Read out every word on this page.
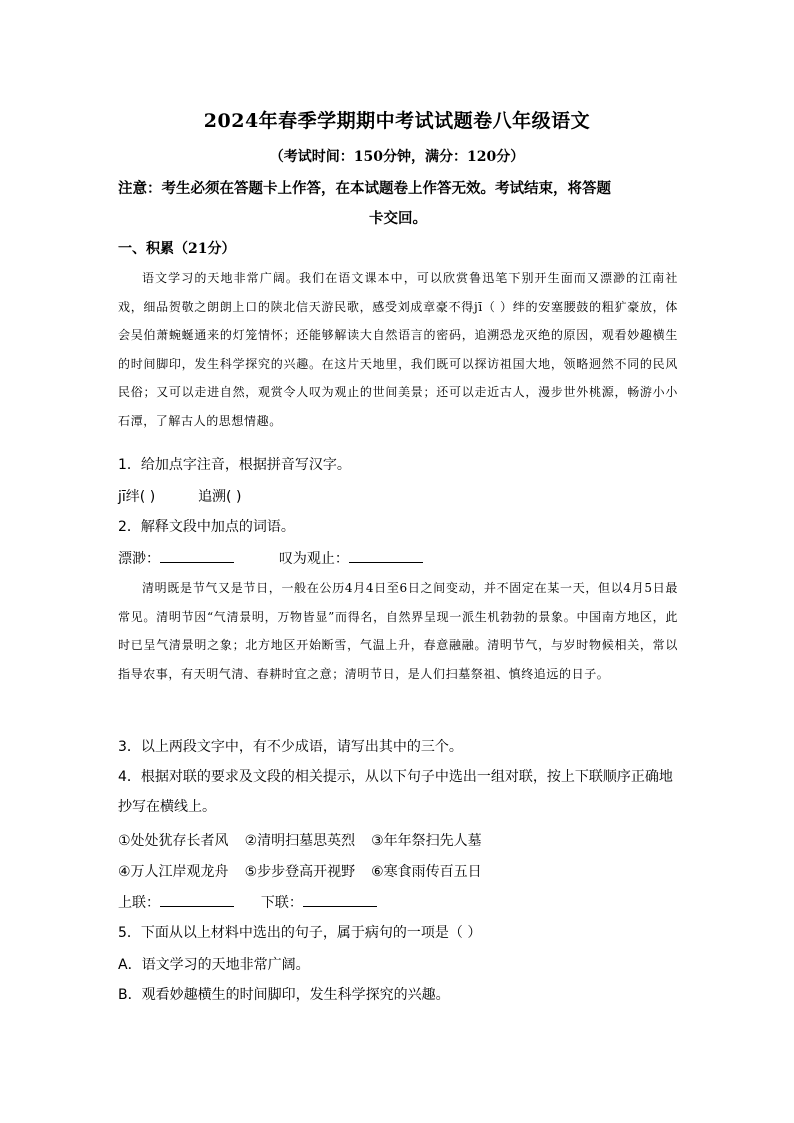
2024年春季学期期中考试试题卷八年级语文
（考试时间：150分钟，满分：120分）
注意：考生必须在答题卡上作答，在本试题卷上作答无效。考试结束，将答题
卡交回。
一、积累（21分）

语文学习的天地非常广阔。我们在语文课本中，可以欣赏鲁迅笔下别开生面而又漂渺的江南社戏，细品贺敬之朗朗上口的陕北信天游民歌，感受刘成章豪不得jī（ ）绊的安塞腰鼓的粗犷豪放，体会吴伯萧蜿蜒通来的灯笼情怀；还能够解读大自然语言的密码，追溯恐龙灭绝的原因，观看妙趣横生的时间脚印，发生科学探究的兴趣。在这片天地里，我们既可以探访祖国大地，领略迥然不同的民风民俗；又可以走进自然，观赏令人叹为观止的世间美景；还可以走近古人，漫步世外桃源，畅游小小石潭，了解古人的思想情趣。

1．给加点字注音，根据拼音写汉字。
jī绊( )	追溯( )
2．解释文段中加点的词语。
漂渺：	叹为观止：

清明既是节气又是节日，一般在公历4月4日至6日之间变动，并不固定在某一天，但以4月5日最常见。清明节因“气清景明，万物皆显”而得名，自然界呈现一派生机勃勃的景象。中国南方地区，此时已呈气清景明之象；北方地区开始断雪，气温上升，春意融融。清明节气，与岁时物候相关，常以指导农事，有天明气清、春耕时宜之意；清明节日，是人们扫墓祭祖、慎终追远的日子。

3．以上两段文字中，有不少成语，请写出其中的三个。
4．根据对联的要求及文段的相关提示，从以下句子中选出一组对联，按上下联顺序正确地抄写在横线上。
①处处犹存长者风 ②清明扫墓思英烈 ③年年祭扫先人墓
④万人江岸观龙舟 ⑤步步登高开视野 ⑥寒食雨传百五日
上联：	下联：
5．下面从以上材料中选出的句子，属于病句的一项是（ ）
A．语文学习的天地非常广阔。
B．观看妙趣横生的时间脚印，发生科学探究的兴趣。
